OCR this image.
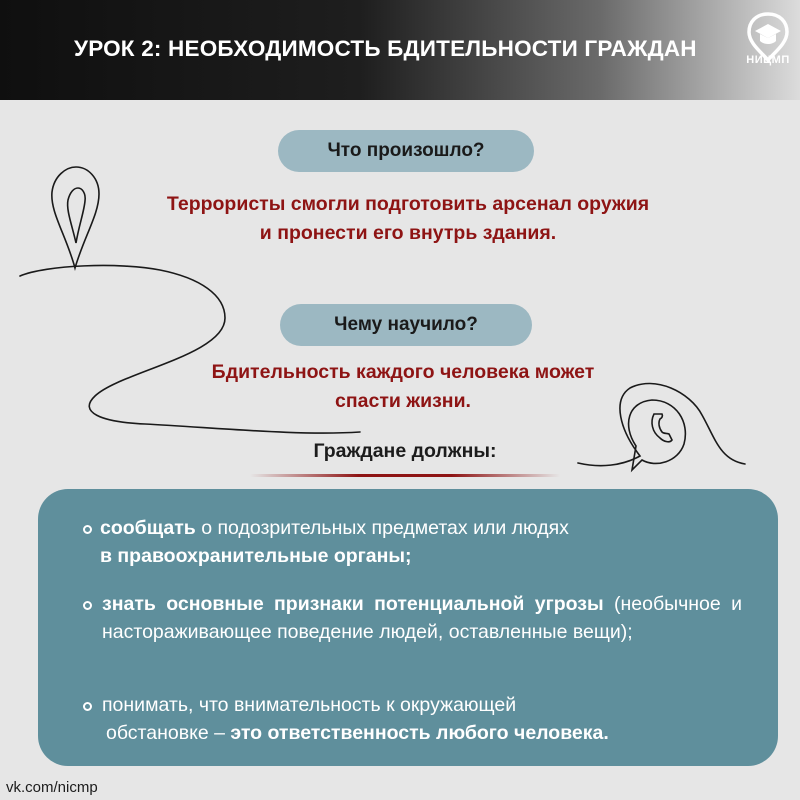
УРОК 2: НЕОБХОДИМОСТЬ БДИТЕЛЬНОСТИ ГРАЖДАН	НИЦМП
Что произошло?
Террористы смогли подготовить арсенал оружия
и пронести его внутрь здания.
Чему научило?
Бдительность каждого человека может
спасти жизни.
Граждане должны:
сообщать о подозрительных предметах или людях
в правоохранительные органы;
знать основные признаки потенциальной угрозы (необычное и настораживающее поведение людей, оставленные вещи);
понимать, что внимательность к окружающей
обстановке – это ответственность любого человека.
vk.com/nicmp
